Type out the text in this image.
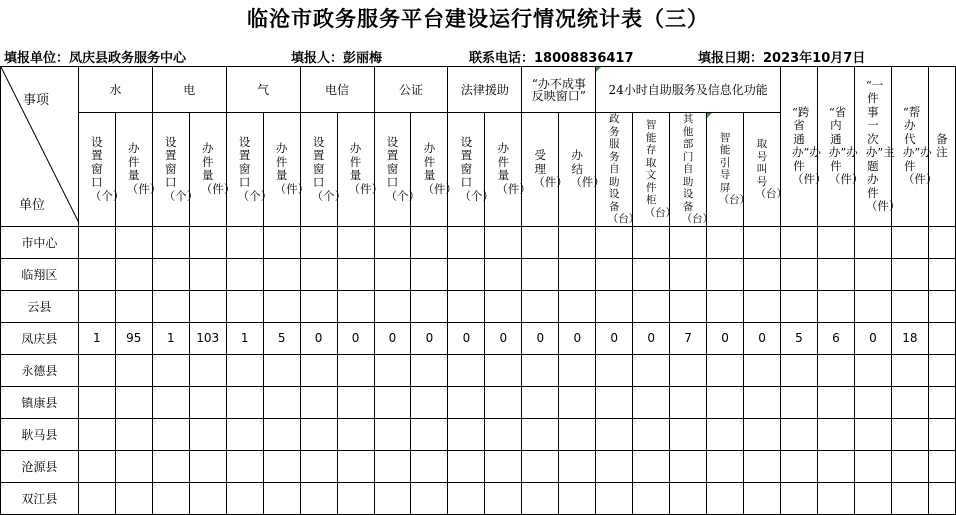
临沧市政务服务平台建设运行情况统计表（三）
填报单位：凤庆县政务服务中心	填报人：彭丽梅	联系电话：18008836417	填报日期：2023年10月7日
事项
单位	水		电		气		电信		公证		法律援助		“办不成事反映窗口”		24小时自助服务及信息化功能					“跨省通办”办件（件）	“省内通办”办件（件）	“一件事一次办”主题办件（件）	“帮办代办”办件（件）	备注
	设置窗口（个）	办件量（件）	设置窗口（个）	办件量（件）	设置窗口（个）	办件量（件）	设置窗口（个）	办件量（件）	设置窗口（个）	办件量（件）	设置窗口（个）	办件量（件）	受理（件）	办结（件）	政务服务自助设备（台）	智能存取文件柜（台）	其他部门自助设备（台）	智能引导屏（台）	取号叫号（台）					
市中心																								
临翔区																								
云县																								
凤庆县	1	95	1	103	1	5	0	0	0	0	0	0	0	0	0	0	7	0	0	5	6	0	18	
永德县																								
镇康县																								
耿马县																								
沧源县																								
双江县																								
